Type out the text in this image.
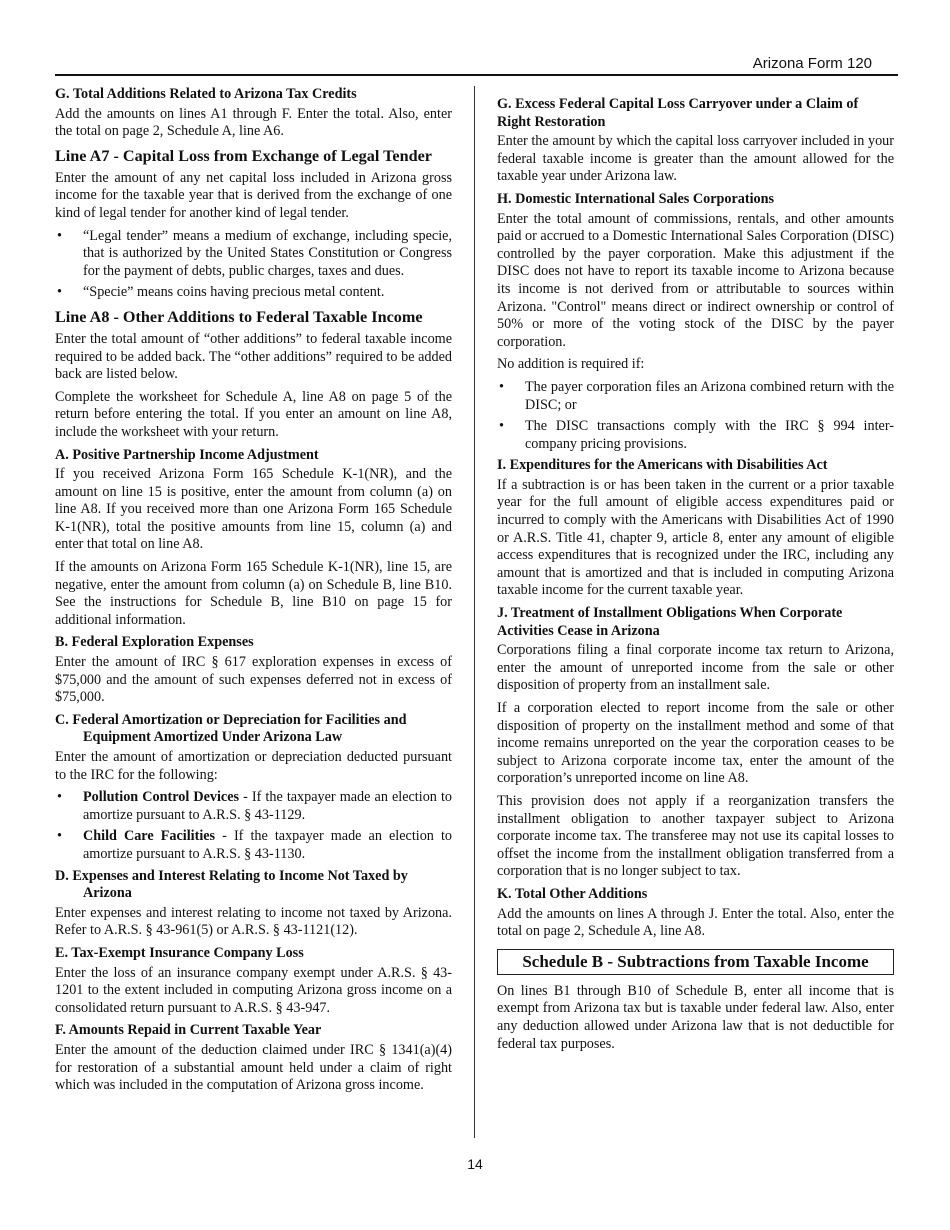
Arizona Form 120
G. Total Additions Related to Arizona Tax Credits

Add the amounts on lines A1 through F. Enter the total. Also, enter the total on page 2, Schedule A, line A6.

Line A7 - Capital Loss from Exchange of Legal Tender

Enter the amount of any net capital loss included in Arizona gross income for the taxable year that is derived from the exchange of one kind of legal tender for another kind of legal tender.

• “Legal tender” means a medium of exchange, including specie, that is authorized by the United States Constitution or Congress for the payment of debts, public charges, taxes and dues.
• “Specie” means coins having precious metal content.
Line A8 - Other Additions to Federal Taxable Income

Enter the total amount of “other additions” to federal taxable income required to be added back. The “other additions” required to be added back are listed below.

Complete the worksheet for Schedule A, line A8 on page 5 of the return before entering the total. If you enter an amount on line A8, include the worksheet with your return.

A. Positive Partnership Income Adjustment

If you received Arizona Form 165 Schedule K-1(NR), and the amount on line 15 is positive, enter the amount from column (a) on line A8. If you received more than one Arizona Form 165 Schedule K-1(NR), total the positive amounts from line 15, column (a) and enter that total on line A8.

If the amounts on Arizona Form 165 Schedule K-1(NR), line 15, are negative, enter the amount from column (a) on Schedule B, line B10. See the instructions for Schedule B, line B10 on page 15 for additional information.

B. Federal Exploration Expenses

Enter the amount of IRC § 617 exploration expenses in excess of $75,000 and the amount of such expenses deferred not in excess of $75,000.

C. Federal Amortization or Depreciation for Facilities and Equipment Amortized Under Arizona Law

Enter the amount of amortization or depreciation deducted pursuant to the IRC for the following:

• Pollution Control Devices - If the taxpayer made an election to amortize pursuant to A.R.S. § 43-1129.
• Child Care Facilities - If the taxpayer made an election to amortize pursuant to A.R.S. § 43-1130.
D. Expenses and Interest Relating to Income Not Taxed by Arizona

Enter expenses and interest relating to income not taxed by Arizona. Refer to A.R.S. § 43-961(5) or A.R.S. § 43-1121(12).

E. Tax-Exempt Insurance Company Loss

Enter the loss of an insurance company exempt under A.R.S. § 43-1201 to the extent included in computing Arizona gross income on a consolidated return pursuant to A.R.S. § 43-947.

F. Amounts Repaid in Current Taxable Year

Enter the amount of the deduction claimed under IRC § 1341(a)(4) for restoration of a substantial amount held under a claim of right which was included in the computation of Arizona gross income.

G. Excess Federal Capital Loss Carryover under a Claim of Right Restoration

Enter the amount by which the capital loss carryover included in your federal taxable income is greater than the amount allowed for the taxable year under Arizona law.

H. Domestic International Sales Corporations

Enter the total amount of commissions, rentals, and other amounts paid or accrued to a Domestic International Sales Corporation (DISC) controlled by the payer corporation. Make this adjustment if the DISC does not have to report its taxable income to Arizona because its income is not derived from or attributable to sources within Arizona. "Control" means direct or indirect ownership or control of 50% or more of the voting stock of the DISC by the payer corporation.

No addition is required if:

• The payer corporation files an Arizona combined return with the DISC; or
• The DISC transactions comply with the IRC § 994 inter-company pricing provisions.
I. Expenditures for the Americans with Disabilities Act

If a subtraction is or has been taken in the current or a prior taxable year for the full amount of eligible access expenditures paid or incurred to comply with the Americans with Disabilities Act of 1990 or A.R.S. Title 41, chapter 9, article 8, enter any amount of eligible access expenditures that is recognized under the IRC, including any amount that is amortized and that is included in computing Arizona taxable income for the current taxable year.

J. Treatment of Installment Obligations When Corporate Activities Cease in Arizona

Corporations filing a final corporate income tax return to Arizona, enter the amount of unreported income from the sale or other disposition of property from an installment sale.

If a corporation elected to report income from the sale or other disposition of property on the installment method and some of that income remains unreported on the year the corporation ceases to be subject to Arizona corporate income tax, enter the amount of the corporation’s unreported income on line A8.

This provision does not apply if a reorganization transfers the installment obligation to another taxpayer subject to Arizona corporate income tax. The transferee may not use its capital losses to offset the income from the installment obligation transferred from a corporation that is no longer subject to tax.

K. Total Other Additions

Add the amounts on lines A through J. Enter the total. Also, enter the total on page 2, Schedule A, line A8.

Schedule B - Subtractions from Taxable Income

On lines B1 through B10 of Schedule B, enter all income that is exempt from Arizona tax but is taxable under federal law. Also, enter any deduction allowed under Arizona law that is not deductible for federal tax purposes.

14
